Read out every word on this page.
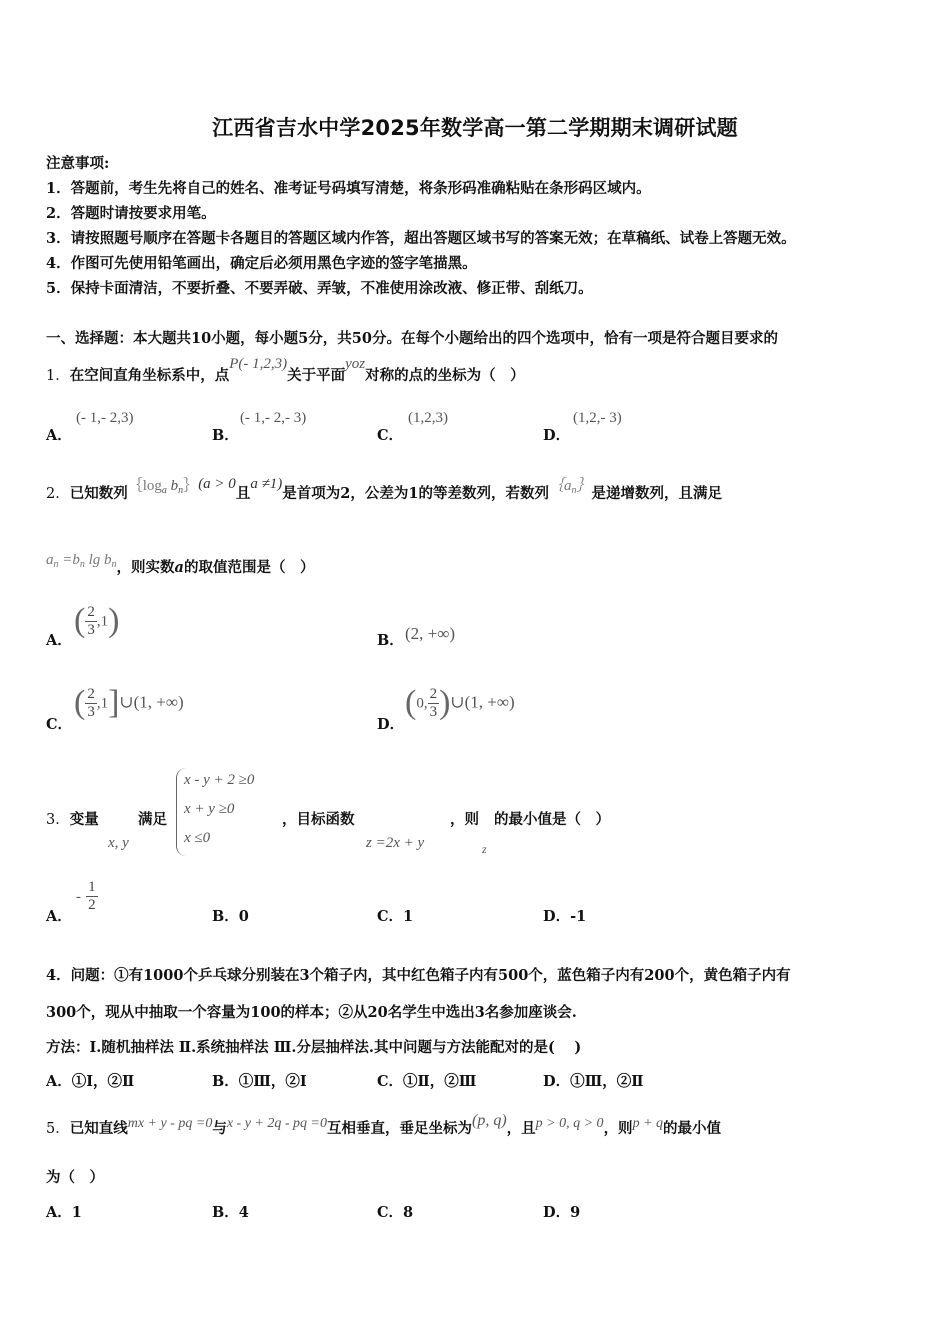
江西省吉水中学2025年数学高一第二学期期末调研试题
注意事项:
1．答题前，考生先将自己的姓名、准考证号码填写清楚，将条形码准确粘贴在条形码区域内。
2．答题时请按要求用笔。
3．请按照题号顺序在答题卡各题目的答题区域内作答，超出答题区域书写的答案无效；在草稿纸、试卷上答题无效。
4．作图可先使用铅笔画出，确定后必须用黑色字迹的签字笔描黑。
5．保持卡面清洁，不要折叠、不要弄破、弄皱，不准使用涂改液、修正带、刮纸刀。
一、选择题：本大题共10小题，每小题5分，共50分。在每个小题给出的四个选项中，恰有一项是符合题目要求的
1．在空间直角坐标系中，点P(- 1,2,3)关于平面yoz对称的点的坐标为（　）
A．
(- 1,- 2,3)
B．
(- 1,- 2,- 3)
C．
(1,2,3)
D．
(1,2,- 3)
2．已知数列$\{\log_a$ $b_n\}(a > 0$且a ≠1)是首项为2，公差为1的等差数列，若数列$\{a_n\}$是递增数列，且满足
$a_n =b_n$ $\lg b_n$，则实数a的取值范围是（　）
A．
( $\frac{2}{3} ,1$)
B． (2, +∞)
C．
( $\frac{2}{3}$ ,1]∪(1, +∞)
D．
(0, $\frac{2}{3}$ )∪(1, +∞)
3．变量
x, y
满足
x - y + 2 ≥0
x + y ≥0
x ≤0
，目标函数
z =2x + y
，则
z
的最小值是（　）
A．
- $\frac{1}{2}$
B．0	C．1	D．-1
4．问题：①有1000个乒乓球分别装在3个箱子内，其中红色箱子内有500个，蓝色箱子内有200个，黄色箱子内有
300个，现从中抽取一个容量为100的样本；②从20名学生中选出3名参加座谈会.
方法：Ⅰ.随机抽样法 Ⅱ.系统抽样法 Ⅲ.分层抽样法.其中问题与方法能配对的是(　 )
A．①Ⅰ，②Ⅱ	B．①Ⅲ，②Ⅰ	C．①Ⅱ，②Ⅲ	D．①Ⅲ，②Ⅱ
5．已知直线mx + y - pq =0与x - y + 2q - pq =0互相垂直，垂足坐标为(p, q)，且p > 0, q > 0，则p + q的最小值
为（　）
A．1	B．4	C．8	D．9
